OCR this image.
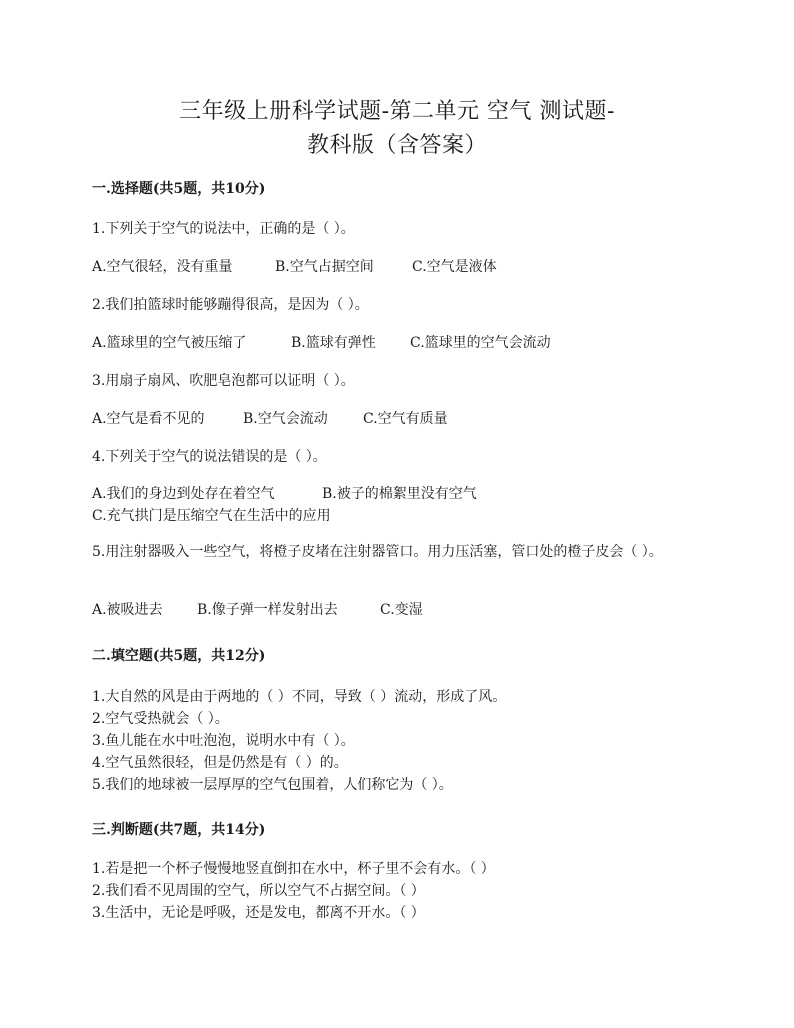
三年级上册科学试题-第二单元 空气 测试题-
教科版（含答案）
一.选择题(共5题，共10分)
1.下列关于空气的说法中，正确的是（ ）。
A.空气很轻，没有重量	B.空气占据空间	C.空气是液体
2.我们拍篮球时能够蹦得很高，是因为（ ）。
A.篮球里的空气被压缩了	B.篮球有弹性 C.篮球里的空气会流动
3.用扇子扇风、吹肥皂泡都可以证明（ ）。
A.空气是看不见的	B.空气会流动	C.空气有质量
4.下列关于空气的说法错误的是（ ）。
A.我们的身边到处存在着空气	B.被子的棉絮里没有空气
C.充气拱门是压缩空气在生活中的应用
5.用注射器吸入一些空气，将橙子皮堵在注射器管口。用力压活塞，管口处的橙子皮会（ ）。
A.被吸进去 B.像子弹一样发射出去	C.变湿
二.填空题(共5题，共12分)
1.大自然的风是由于两地的（ ）不同，导致（ ）流动，形成了风。
2.空气受热就会（ ）。
3.鱼儿能在水中吐泡泡，说明水中有（ ）。
4.空气虽然很轻，但是仍然是有（ ）的。
5.我们的地球被一层厚厚的空气包围着，人们称它为（ ）。
三.判断题(共7题，共14分)
1.若是把一个杯子慢慢地竖直倒扣在水中，杯子里不会有水。（ ）
2.我们看不见周围的空气，所以空气不占据空间。（ ）
3.生活中，无论是呼吸，还是发电，都离不开水。（ ）
